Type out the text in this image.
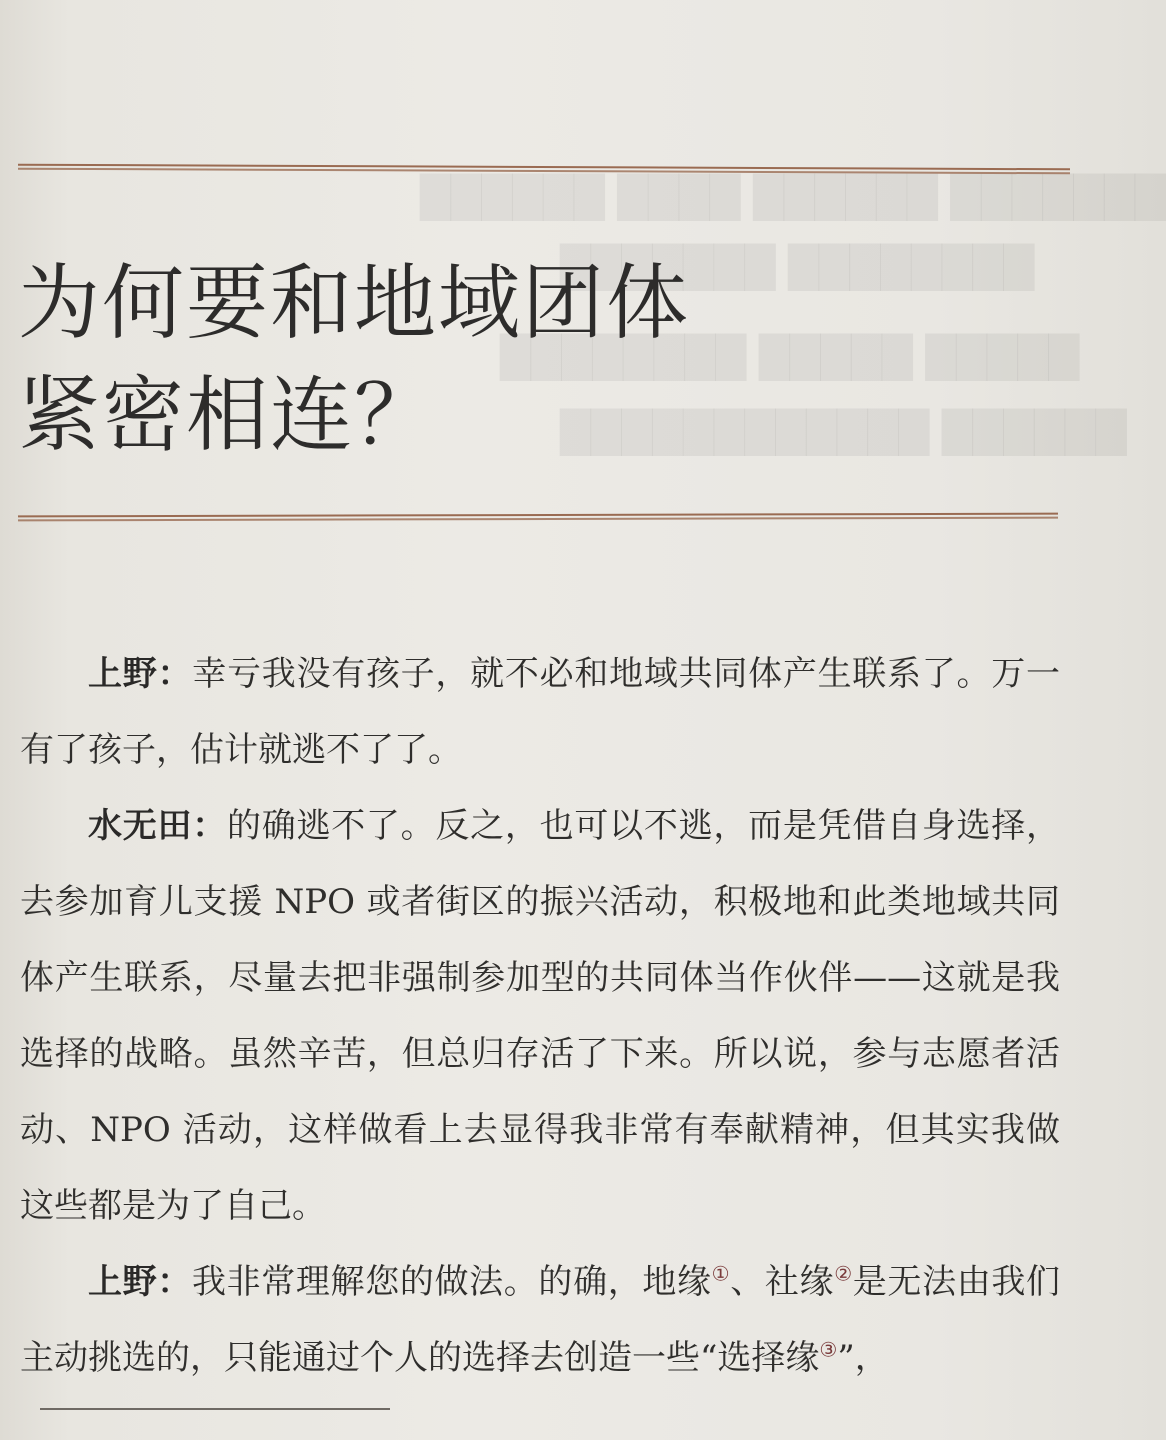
███████ ██████ ████ ██████
████████ ███████
█████ █████ ████████
██████ ████████████
为何要和地域团体
紧密相连？

上野：幸亏我没有孩子，就不必和地域共同体产生联系了。万一有了孩子，估计就逃不了了。

水无田：的确逃不了。反之，也可以不逃，而是凭借自身选择，去参加育儿支援 NPO 或者街区的振兴活动，积极地和此类地域共同体产生联系，尽量去把非强制参加型的共同体当作伙伴——这就是我选择的战略。虽然辛苦，但总归存活了下来。所以说，参与志愿者活动、NPO 活动，这样做看上去显得我非常有奉献精神，但其实我做这些都是为了自己。

上野：我非常理解您的做法。的确，地缘①、社缘②是无法由我们主动挑选的，只能通过个人的选择去创造一些“选择缘③”，
